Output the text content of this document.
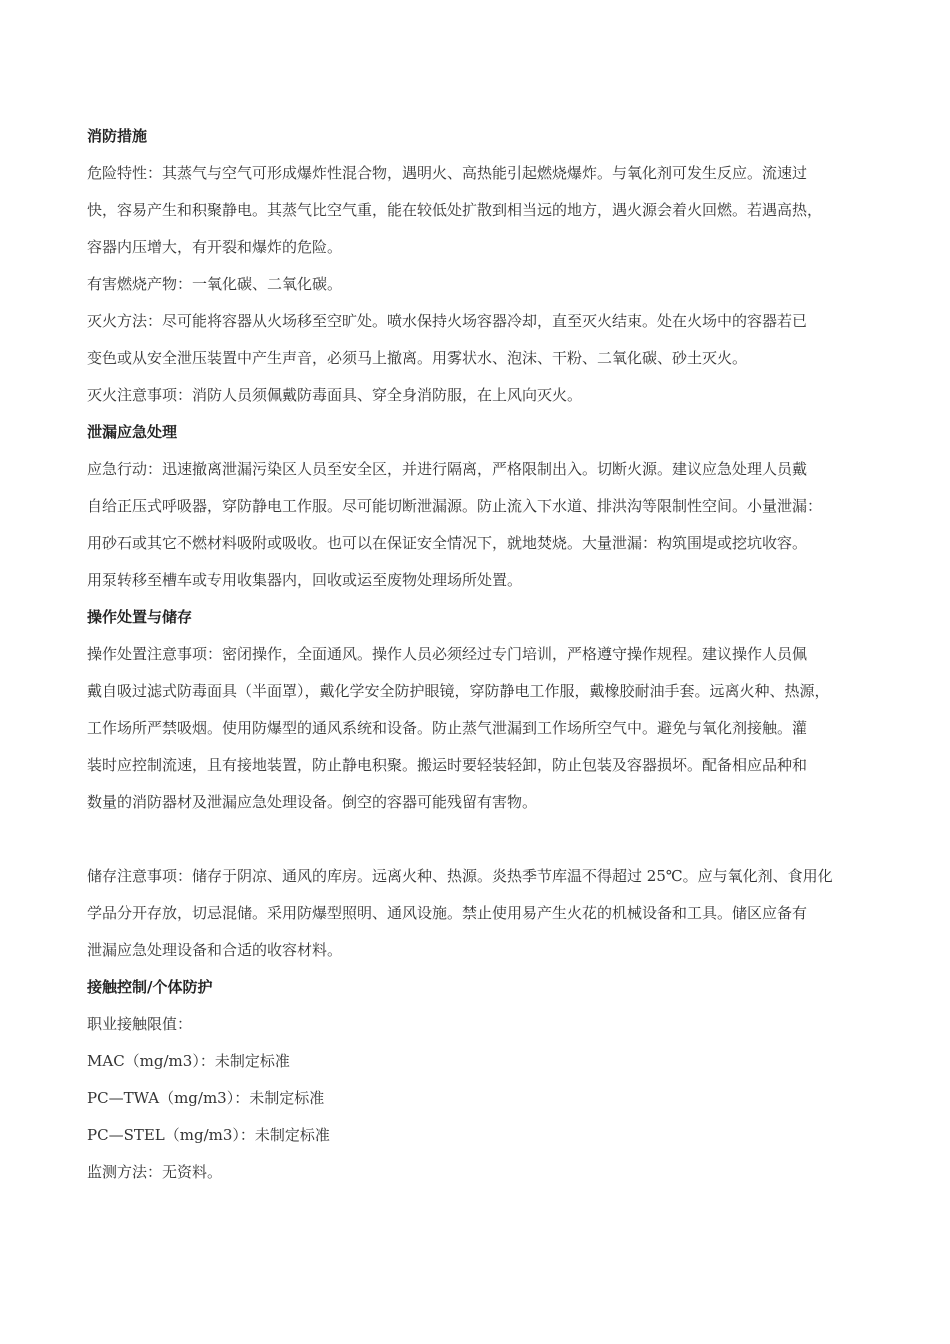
消防措施
危险特性：其蒸气与空气可形成爆炸性混合物，遇明火、高热能引起燃烧爆炸。与氧化剂可发生反应。流速过
快，容易产生和积聚静电。其蒸气比空气重，能在较低处扩散到相当远的地方，遇火源会着火回燃。若遇高热，
容器内压增大，有开裂和爆炸的危险。
有害燃烧产物：一氧化碳、二氧化碳。
灭火方法：尽可能将容器从火场移至空旷处。喷水保持火场容器冷却，直至灭火结束。处在火场中的容器若已
变色或从安全泄压装置中产生声音，必须马上撤离。用雾状水、泡沫、干粉、二氧化碳、砂土灭火。
灭火注意事项：消防人员须佩戴防毒面具、穿全身消防服，在上风向灭火。
泄漏应急处理
应急行动：迅速撤离泄漏污染区人员至安全区，并进行隔离，严格限制出入。切断火源。建议应急处理人员戴
自给正压式呼吸器，穿防静电工作服。尽可能切断泄漏源。防止流入下水道、排洪沟等限制性空间。小量泄漏：
用砂石或其它不燃材料吸附或吸收。也可以在保证安全情况下，就地焚烧。大量泄漏：构筑围堤或挖坑收容。
用泵转移至槽车或专用收集器内，回收或运至废物处理场所处置。
操作处置与储存
操作处置注意事项：密闭操作，全面通风。操作人员必须经过专门培训，严格遵守操作规程。建议操作人员佩
戴自吸过滤式防毒面具（半面罩），戴化学安全防护眼镜，穿防静电工作服，戴橡胶耐油手套。远离火种、热源，
工作场所严禁吸烟。使用防爆型的通风系统和设备。防止蒸气泄漏到工作场所空气中。避免与氧化剂接触。灌
装时应控制流速，且有接地装置，防止静电积聚。搬运时要轻装轻卸，防止包装及容器损坏。配备相应品种和
数量的消防器材及泄漏应急处理设备。倒空的容器可能残留有害物。
储存注意事项：储存于阴凉、通风的库房。远离火种、热源。炎热季节库温不得超过 25℃。应与氧化剂、食用化
学品分开存放，切忌混储。采用防爆型照明、通风设施。禁止使用易产生火花的机械设备和工具。储区应备有
泄漏应急处理设备和合适的收容材料。
接触控制/个体防护
职业接触限值：
MAC（mg/m3）：未制定标准
PC—TWA（mg/m3）：未制定标准
PC—STEL（mg/m3）：未制定标准
监测方法：无资料。
